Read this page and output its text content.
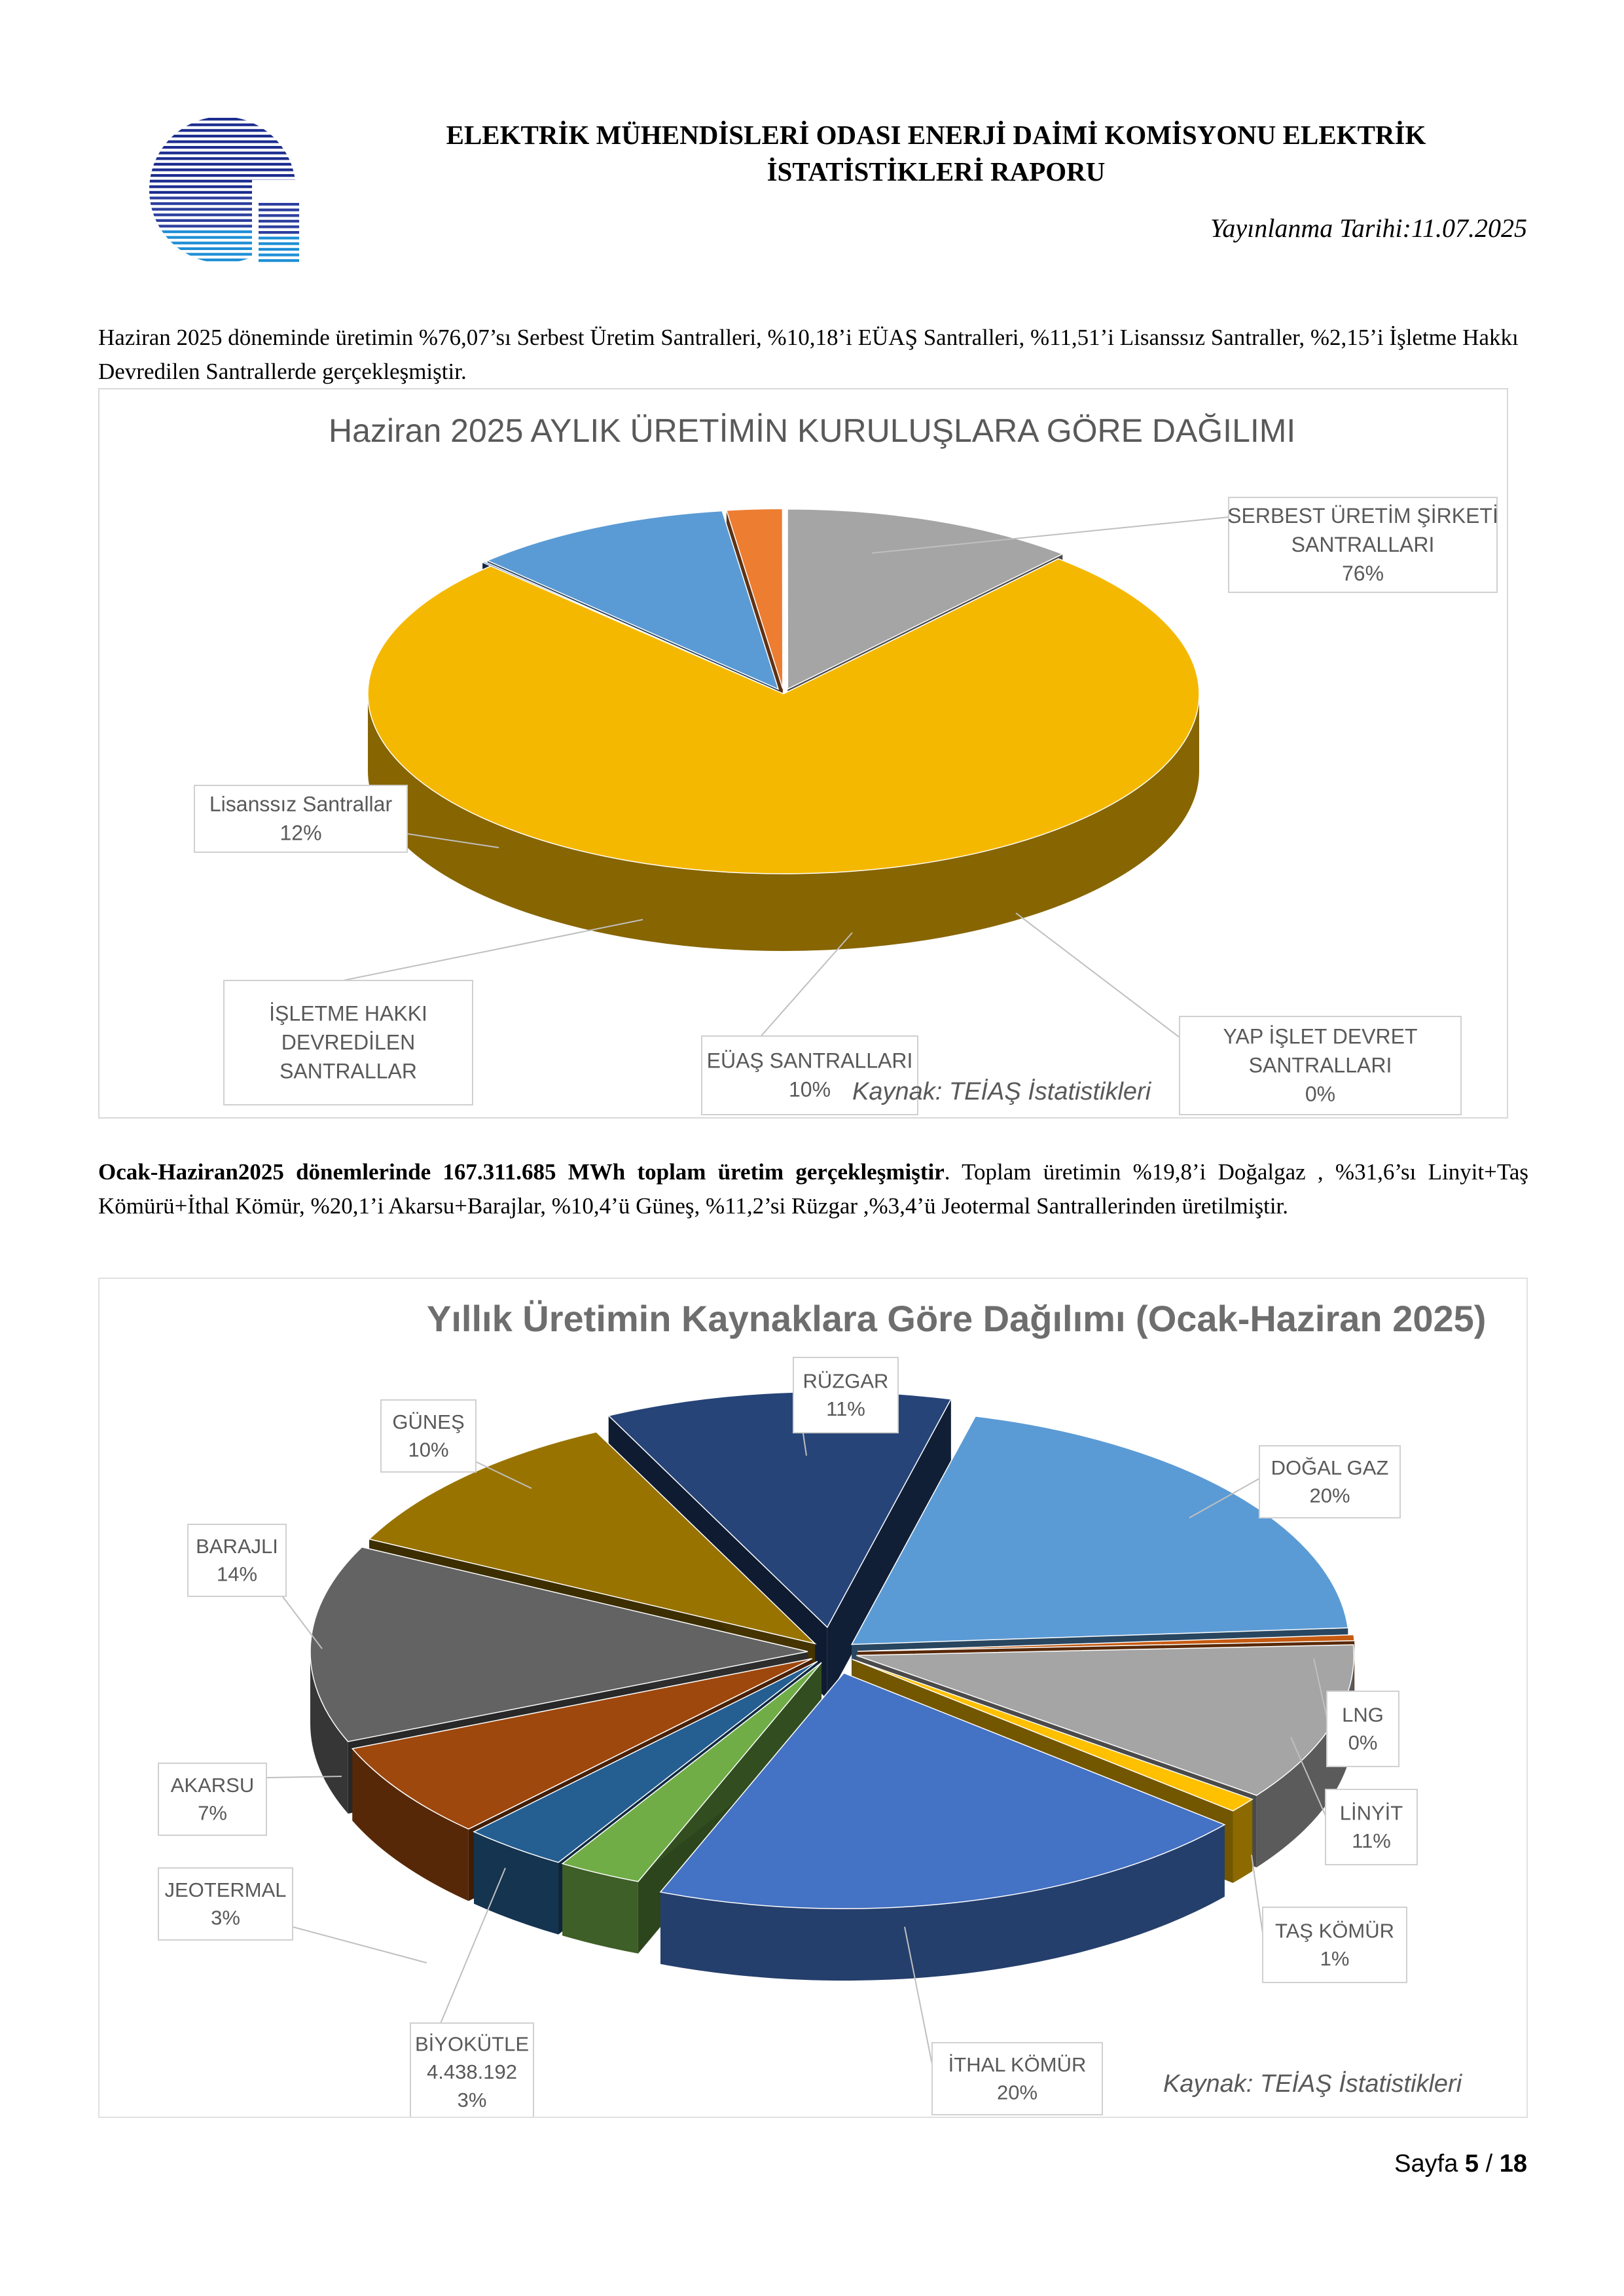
ELEKTRİK MÜHENDİSLERİ ODASI ENERJİ DAİMİ KOMİSYONU ELEKTRİK
İSTATİSTİKLERİ RAPORU
Yayınlanma Tarihi:11.07.2025
Haziran 2025 döneminde üretimin %76,07’sı Serbest Üretim Santralleri, %10,18’i EÜAŞ Santralleri, %11,51’i Lisanssız Santraller, %2,15’i İşletme Hakkı Devredilen Santrallerde gerçekleşmiştir.
Haziran 2025 AYLIK ÜRETİMİN KURULUŞLARA GÖRE DAĞILIMI
SERBEST ÜRETİM ŞİRKETİ
SANTRALLARI
76%
YAP İŞLET DEVRET
SANTRALLARI
0%
EÜAŞ SANTRALLARI
10%
İŞLETME HAKKI
DEVREDİLEN
SANTRALLAR
Lisanssız Santrallar
12%
Kaynak: TEİAŞ İstatistikleri
Ocak-Haziran2025 dönemlerinde 167.311.685 MWh toplam üretim gerçekleşmiştir. Toplam üretimin %19,8’i Doğalgaz , %31,6’sı Linyit+Taş Kömürü+İthal Kömür, %20,1’i Akarsu+Barajlar, %10,4’ü Güneş, %11,2’si Rüzgar ,%3,4’ü Jeotermal Santrallerinden üretilmiştir.
Yıllık Üretimin Kaynaklara Göre Dağılımı (Ocak-Haziran 2025)
DOĞAL GAZ
20%
LNG
0%
LİNYİT
11%
TAŞ KÖMÜR
1%
İTHAL KÖMÜR
20%
BİYOKÜTLE
4.438.192
3%
JEOTERMAL
3%
AKARSU
7%
BARAJLI
14%
GÜNEŞ
10%
RÜZGAR
11%
Kaynak: TEİAŞ İstatistikleri
Sayfa 5 / 18
